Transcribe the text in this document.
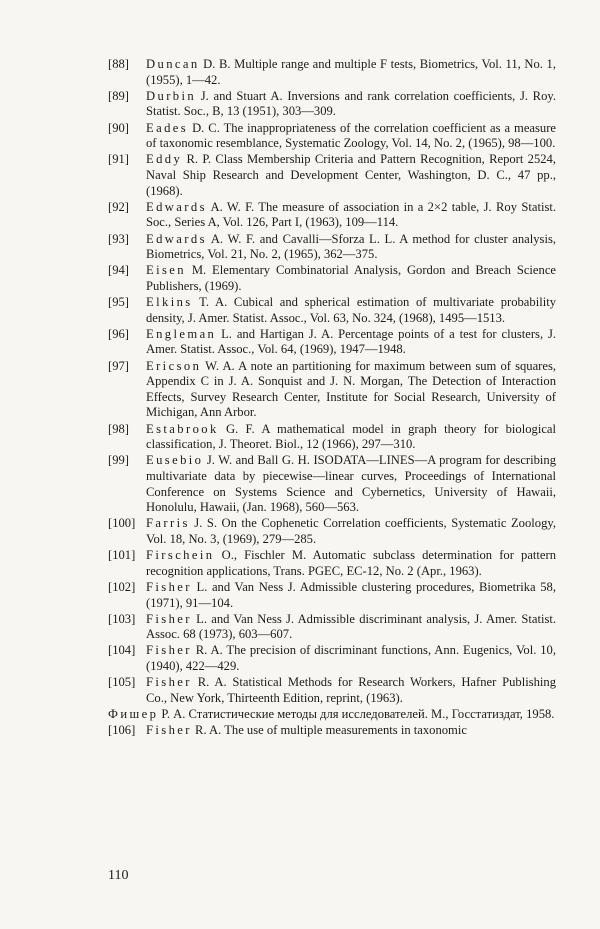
[88]	Duncan D. B. Multiple range and multiple F tests, Biometrics, Vol. 11, No. 1, (1955), 1—42.
[89]	Durbin J. and Stuart A. Inversions and rank correlation coefficients, J. Roy. Statist. Soc., B, 13 (1951), 303—309.
[90]	Eades D. C. The inappropriateness of the correlation coefficient as a measure of taxonomic resemblance, Systematic Zoology, Vol. 14, No. 2, (1965), 98—100.
[91]	Eddy R. P. Class Membership Criteria and Pattern Recognition, Report 2524, Naval Ship Research and Development Center, Washington, D. C., 47 pp., (1968).
[92]	Edwards A. W. F. The measure of association in a 2×2 table, J. Roy Statist. Soc., Series A, Vol. 126, Part I, (1963), 109—114.
[93]	Edwards A. W. F. and Cavalli—Sforza L. L. A method for cluster analysis, Biometrics, Vol. 21, No. 2, (1965), 362—375.
[94]	Eisen M. Elementary Combinatorial Analysis, Gordon and Breach Science Publishers, (1969).
[95]	Elkins T. A. Cubical and spherical estimation of multivariate probability density, J. Amer. Statist. Assoc., Vol. 63, No. 324, (1968), 1495—1513.
[96]	Engleman L. and Hartigan J. A. Percentage points of a test for clusters, J. Amer. Statist. Assoc., Vol. 64, (1969), 1947—1948.
[97]	Ericson W. A. A note an partitioning for maximum between sum of squares, Appendix C in J. A. Sonquist and J. N. Morgan, The Detection of Interaction Effects, Survey Research Center, Institute for Social Research, University of Michigan, Ann Arbor.
[98]	Estabrook G. F. A mathematical model in graph theory for biological classification, J. Theoret. Biol., 12 (1966), 297—310.
[99]	Eusebio J. W. and Ball G. H. ISODATA—LINES—A program for describing multivariate data by piecewise—linear curves, Proceedings of International Conference on Systems Science and Cybernetics, University of Hawaii, Honolulu, Hawaii, (Jan. 1968), 560—563.
[100] Farris J. S. On the Cophenetic Correlation coefficients, Systematic Zoology, Vol. 18, No. 3, (1969), 279—285.
[101] Firschein O., Fischler M. Automatic subclass determination for pattern recognition applications, Trans. PGEC, EC-12, No. 2 (Apr., 1963).
[102] Fisher L. and Van Ness J. Admissible clustering procedures, Biometrika 58, (1971), 91—104.
[103] Fisher L. and Van Ness J. Admissible discriminant analysis, J. Amer. Statist. Assoc. 68 (1973), 603—607.
[104] Fisher R. A. The precision of discriminant functions, Ann. Eugenics, Vol. 10, (1940), 422—429.
[105] Fisher R. A. Statistical Methods for Research Workers, Hafner Publishing Co., New York, Thirteenth Edition, reprint, (1963).
Фишер Р. А. Статистические методы для исследователей. М., Госстатиздат, 1958.
[106] Fisher R. A. The use of multiple measurements in taxonomic
110
